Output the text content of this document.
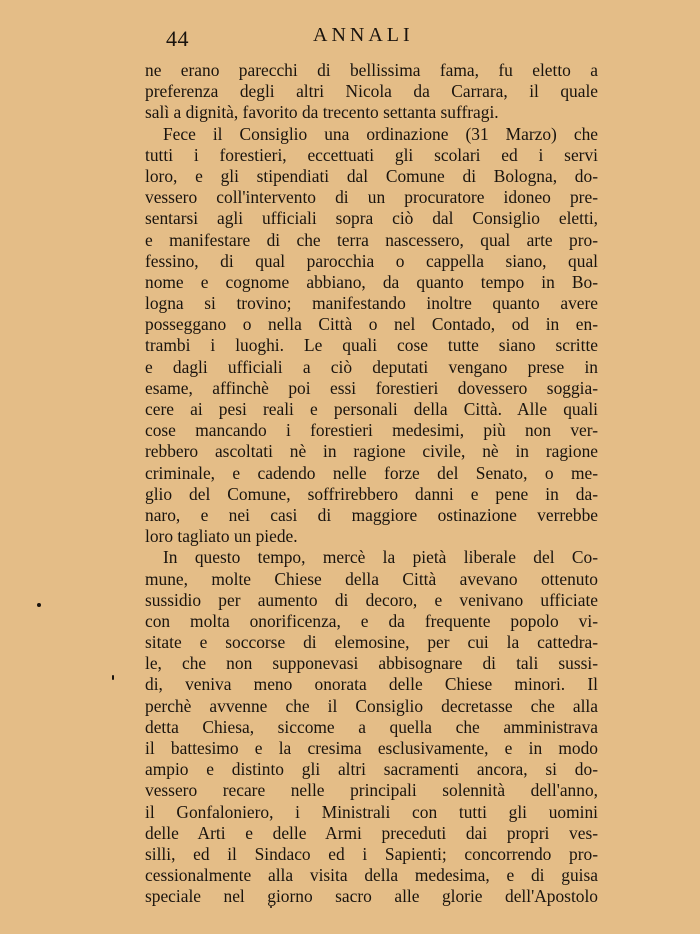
44	ANNALI
ne erano parecchi di bellissima fama, fu eletto a
preferenza degli altri Nicola da Carrara, il quale
salì a dignità, favorito da trecento settanta suffragi.
Fece il Consiglio una ordinazione (31 Marzo) che
tutti i forestieri, eccettuati gli scolari ed i servi
loro, e gli stipendiati dal Comune di Bologna, do-
vessero coll'intervento di un procuratore idoneo pre-
sentarsi agli ufficiali sopra ciò dal Consiglio eletti,
e manifestare di che terra nascessero, qual arte pro-
fessino, di qual parocchia o cappella siano, qual
nome e cognome abbiano, da quanto tempo in Bo-
logna si trovino; manifestando inoltre quanto avere
posseggano o nella Città o nel Contado, od in en-
trambi i luoghi. Le quali cose tutte siano scritte
e dagli ufficiali a ciò deputati vengano prese in
esame, affinchè poi essi forestieri dovessero soggia-
cere ai pesi reali e personali della Città. Alle quali
cose mancando i forestieri medesimi, più non ver-
rebbero ascoltati nè in ragione civile, nè in ragione
criminale, e cadendo nelle forze del Senato, o me-
glio del Comune, soffrirebbero danni e pene in da-
naro, e nei casi di maggiore ostinazione verrebbe
loro tagliato un piede.
In questo tempo, mercè la pietà liberale del Co-
mune, molte Chiese della Città avevano ottenuto
sussidio per aumento di decoro, e venivano ufficiate
con molta onorificenza, e da frequente popolo vi-
sitate e soccorse di elemosine, per cui la cattedra-
le, che non supponevasi abbisognare di tali sussi-
di, veniva meno onorata delle Chiese minori. Il
perchè avvenne che il Consiglio decretasse che alla
detta Chiesa, siccome a quella che amministrava
il battesimo e la cresima esclusivamente, e in modo
ampio e distinto gli altri sacramenti ancora, si do-
vessero recare nelle principali solennità dell'anno,
il Gonfaloniero, i Ministrali con tutti gli uomini
delle Arti e delle Armi preceduti dai propri ves-
silli, ed il Sindaco ed i Sapienti; concorrendo pro-
cessionalmente alla visita della medesima, e di guisa
speciale nel giorno sacro alle glorie dell'Apostolo
